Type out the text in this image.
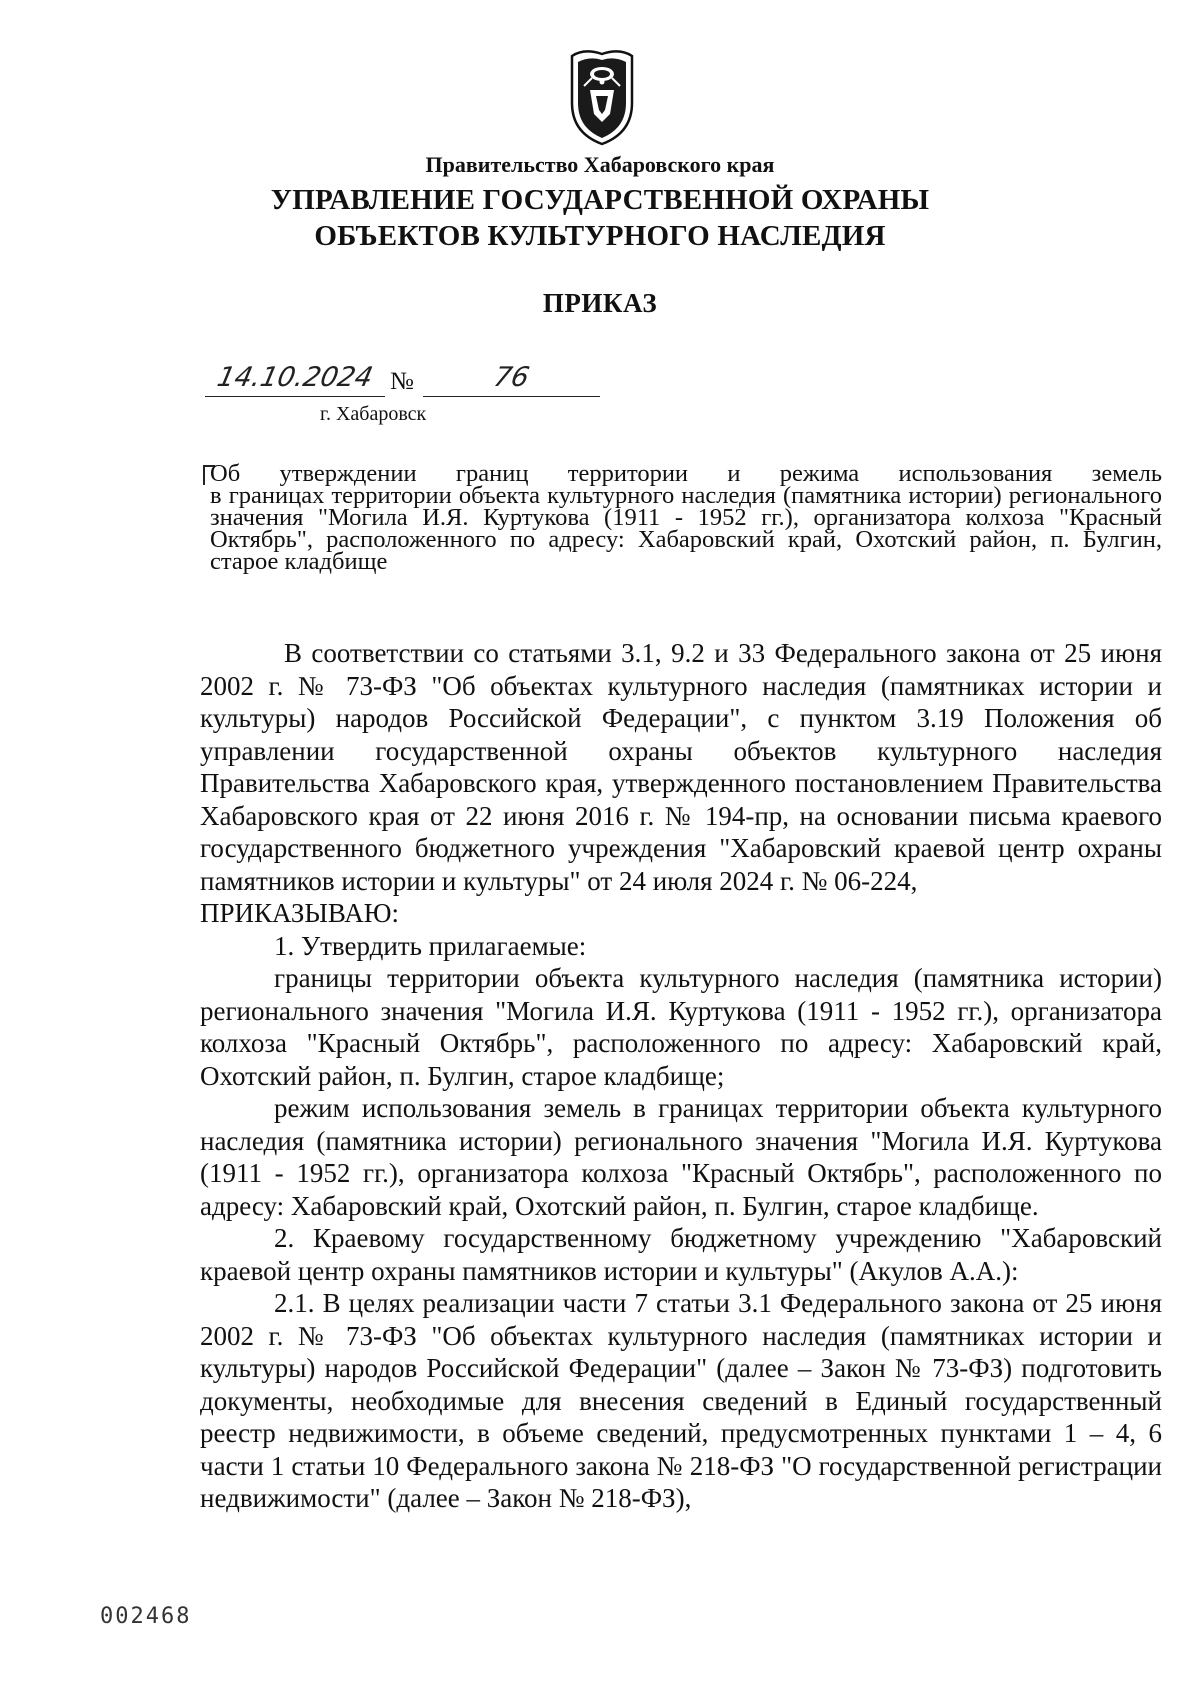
Правительство Хабаровского края
УПРАВЛЕНИЕ ГОСУДАРСТВЕННОЙ ОХРАНЫ
ОБЪЕКТОВ КУЛЬТУРНОГО НАСЛЕДИЯ
ПРИКАЗ
14.10.2024 №	76
г. Хабаровск
Об утверждении границ территории и режима использования земель
в границах территории объекта культурного наследия (памятника истории) регионального значения "Могила И.Я. Куртукова (1911 - 1952 гг.), организатора колхоза "Красный Октябрь", расположенного по адресу: Хабаровский край, Охотский район, п. Булгин, старое кладбище

В соответствии со статьями 3.1, 9.2 и 33 Федерального закона от 25 июня 2002 г. № 73-ФЗ "Об объектах культурного наследия (памятниках истории и культуры) народов Российской Федерации", с пунктом 3.19 Положения об управлении государственной охраны объектов культурного наследия Правительства Хабаровского края, утвержденного постановлением Правительства Хабаровского края от 22 июня 2016 г. № 194-пр, на основании письма краевого государственного бюджетного учреждения "Хабаровский краевой центр охраны памятников истории и культуры" от 24 июля 2024 г. № 06-224,

ПРИКАЗЫВАЮ:

1. Утвердить прилагаемые:

границы территории объекта культурного наследия (памятника истории) регионального значения "Могила И.Я. Куртукова (1911 - 1952 гг.), организатора колхоза "Красный Октябрь", расположенного по адресу: Хабаровский край, Охотский район, п. Булгин, старое кладбище;

режим использования земель в границах территории объекта культурного наследия (памятника истории) регионального значения "Могила И.Я. Куртукова (1911 - 1952 гг.), организатора колхоза "Красный Октябрь", расположенного по адресу: Хабаровский край, Охотский район, п. Булгин, старое кладбище.

2. Краевому государственному бюджетному учреждению "Хабаровский краевой центр охраны памятников истории и культуры" (Акулов А.А.):

2.1. В целях реализации части 7 статьи 3.1 Федерального закона от 25 июня 2002 г. № 73-ФЗ "Об объектах культурного наследия (памятниках истории и культуры) народов Российской Федерации" (далее – Закон № 73-ФЗ) подготовить документы, необходимые для внесения сведений в Единый государственный реестр недвижимости, в объеме сведений, предусмотренных пунктами 1 – 4, 6 части 1 статьи 10 Федерального закона № 218-ФЗ "О государственной регистрации недвижимости" (далее – Закон № 218-ФЗ),

002468
